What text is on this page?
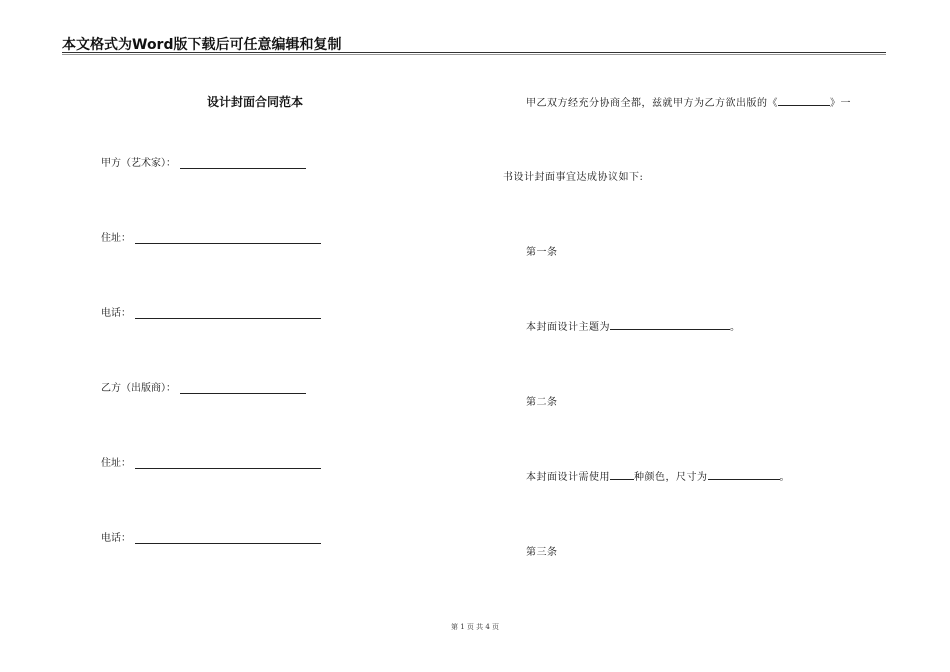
本文格式为Word版下载后可任意编辑和复制
设计封面合同范本
甲方（艺术家）：
住址：
电话：
乙方（出版商）：
住址：
电话：
甲乙双方经充分协商全都，兹就甲方为乙方欲出版的《	》一
书设计封面事宜达成协议如下:
第一条
本封面设计主题为	。
第二条
本封面设计需使用 种颜色，尺寸为	。
第三条
第 1 页 共 4 页
